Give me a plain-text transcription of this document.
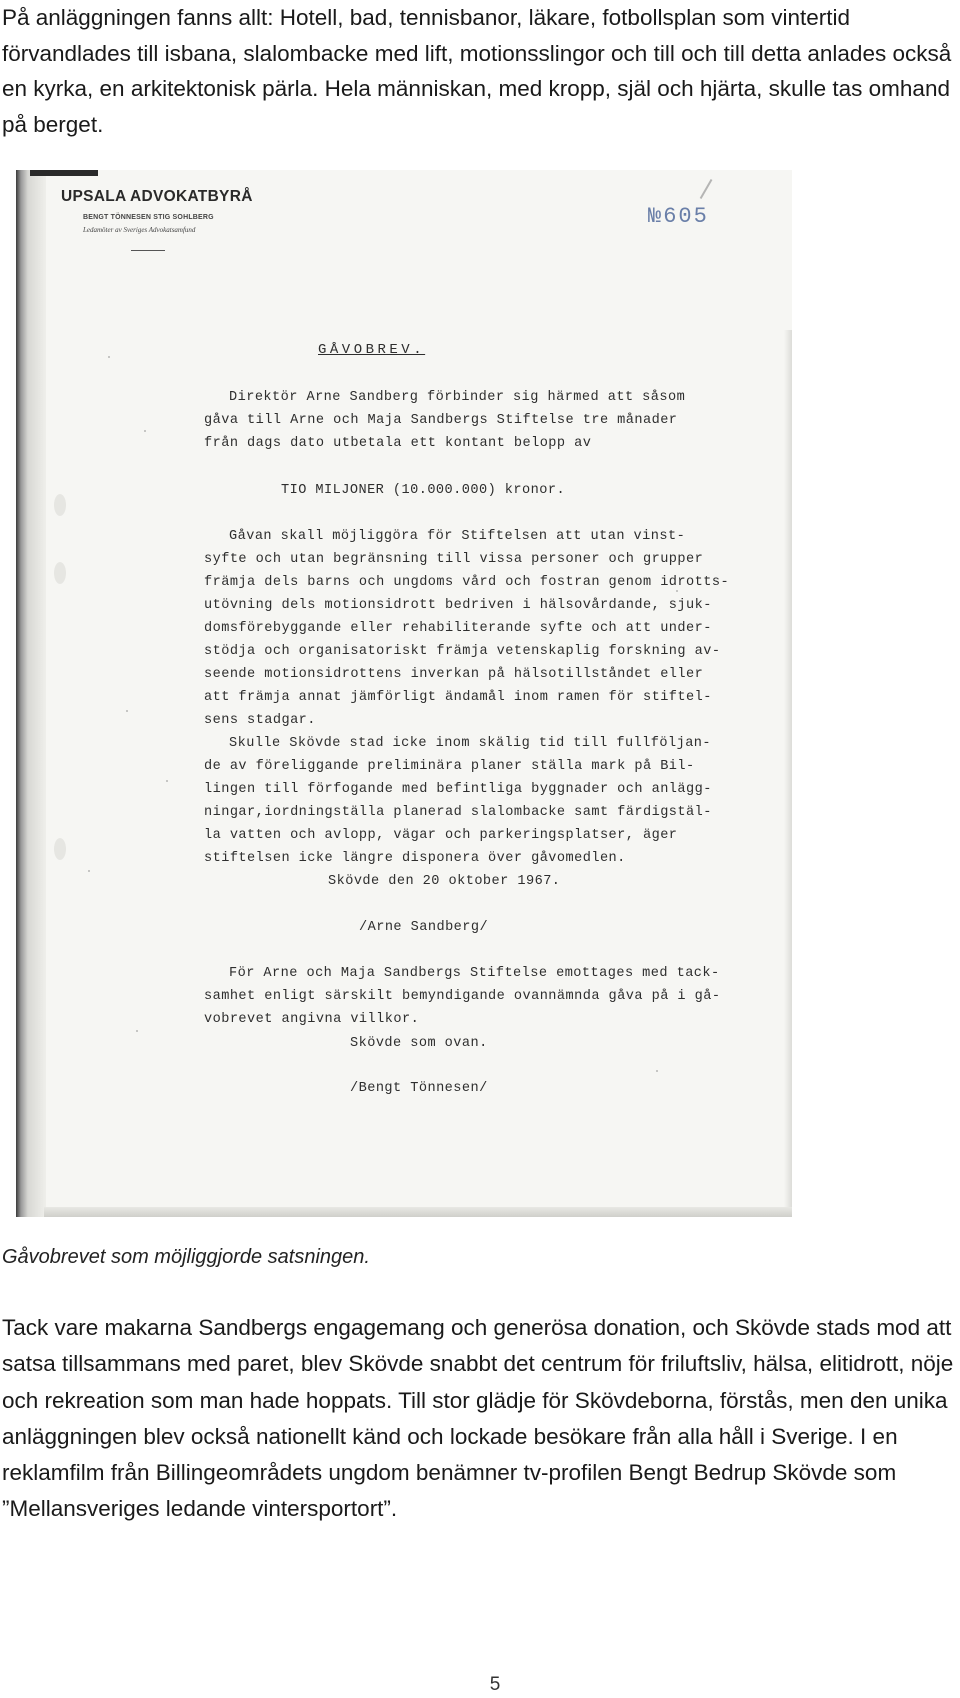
På anläggningen fanns allt: Hotell, bad, tennisbanor, läkare, fotbollsplan som vintertid förvandlades till isbana, slalombacke med lift, motionsslingor och till och till detta anlades också en kyrka, en arkitektonisk pärla. Hela människan, med kropp, själ och hjärta, skulle tas omhand på berget.

UPSALA ADVOKATBYRÅ
BENGT TÖNNESEN STIG SOHLBERG
Ledamöter av Sveriges Advokatsamfund
№605
GÅVOBREV.
Direktör Arne Sandberg förbinder sig härmed att såsom
gåva till Arne och Maja Sandbergs Stiftelse tre månader
från dags dato utbetala ett kontant belopp av
TIO MILJONER (10.000.000) kronor.
Gåvan skall möjliggöra för Stiftelsen att utan vinst-
syfte och utan begränsning till vissa personer och grupper
främja dels barns och ungdoms vård och fostran genom idrotts-
utövning dels motionsidrott bedriven i hälsovårdande, sjuk-
domsförebyggande eller rehabiliterande syfte och att under-
stödja och organisatoriskt främja vetenskaplig forskning av-
seende motionsidrottens inverkan på hälsotillståndet eller
att främja annat jämförligt ändamål inom ramen för stiftel-
sens stadgar.
Skulle Skövde stad icke inom skälig tid till fullföljan-
de av föreliggande preliminära planer ställa mark på Bil-
lingen till förfogande med befintliga byggnader och anlägg-
ningar,iordningställa planerad slalombacke samt färdigstäl-
la vatten och avlopp, vägar och parkeringsplatser, äger
stiftelsen icke längre disponera över gåvomedlen.
Skövde den 20 oktober 1967.
/Arne Sandberg/
För Arne och Maja Sandbergs Stiftelse emottages med tack-
samhet enligt särskilt bemyndigande ovannämnda gåva på i gå-
vobrevet angivna villkor.
Skövde som ovan.
/Bengt Tönnesen/

Gåvobrevet som möjliggjorde satsningen.

Tack vare makarna Sandbergs engagemang och generösa donation, och Skövde stads mod att satsa tillsammans med paret, blev Skövde snabbt det centrum för friluftsliv, hälsa, elitidrott, nöje och rekreation som man hade hoppats. Till stor glädje för Skövdeborna, förstås, men den unika anläggningen blev också nationellt känd och lockade besökare från alla håll i Sverige. I en reklamfilm från Billingeområdets ungdom benämner tv-profilen Bengt Bedrup Skövde som ”Mellansveriges ledande vintersportort”.

5
